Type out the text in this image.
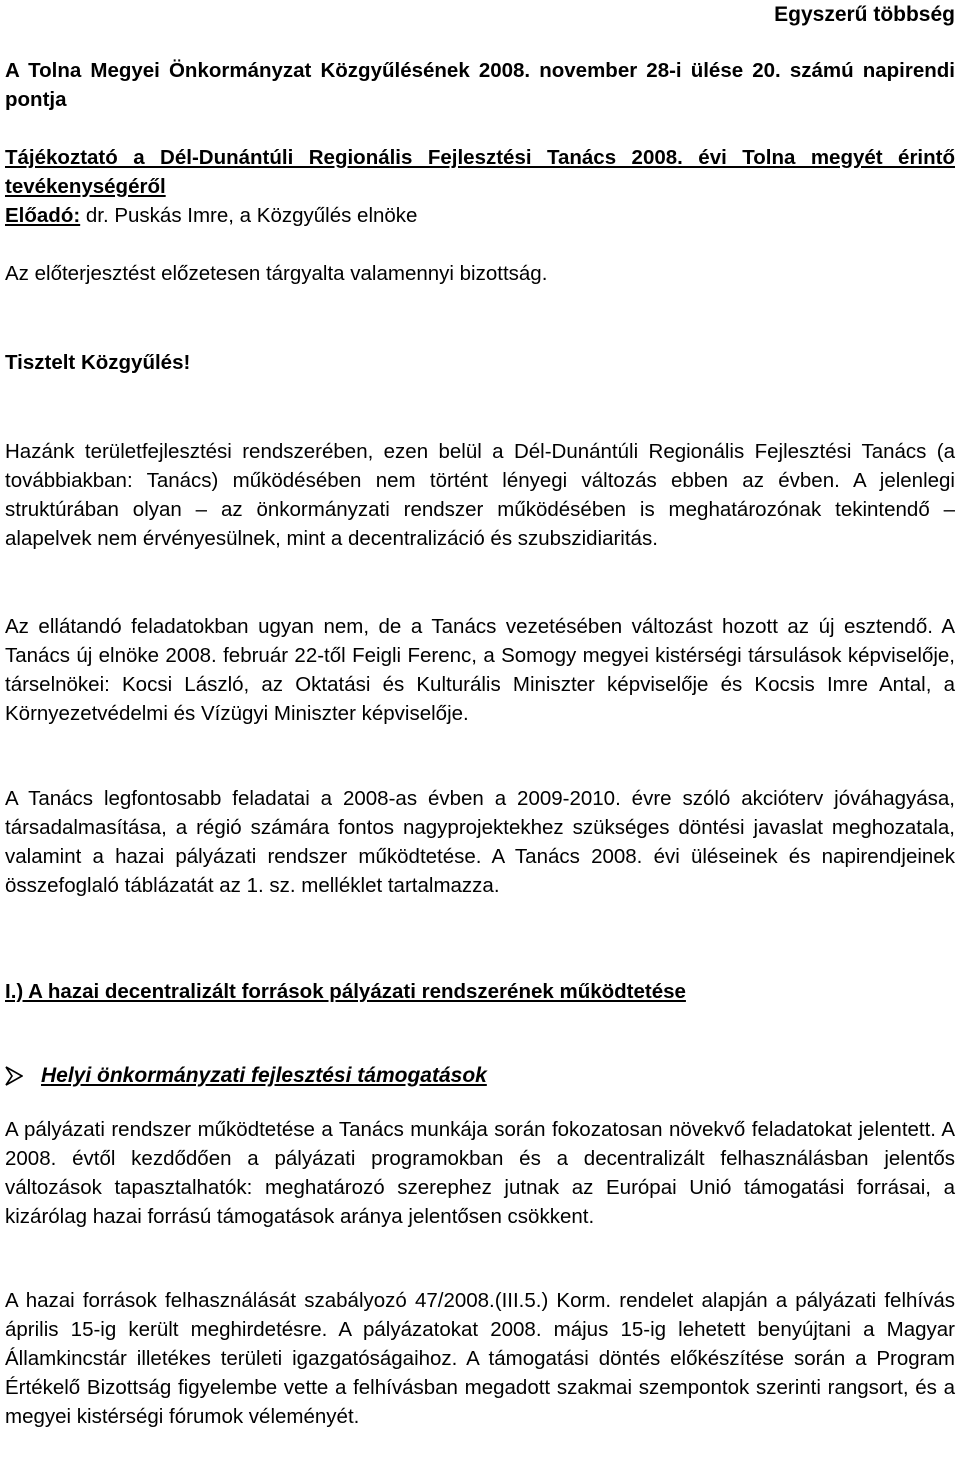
Egyszerű többség

A Tolna Megyei Önkormányzat Közgyűlésének 2008. november 28-i ülése 20. számú napirendi pontja

Tájékoztató a Dél-Dunántúli Regionális Fejlesztési Tanács 2008. évi Tolna megyét érintő tevékenységéről

Előadó: dr. Puskás Imre, a Közgyűlés elnöke

Az előterjesztést előzetesen tárgyalta valamennyi bizottság.

Tisztelt Közgyűlés!

Hazánk területfejlesztési rendszerében, ezen belül a Dél-Dunántúli Regionális Fejlesztési Tanács (a továbbiakban: Tanács) működésében nem történt lényegi változás ebben az évben. A jelenlegi struktúrában olyan – az önkormányzati rendszer működésében is meghatározónak tekintendő – alapelvek nem érvényesülnek, mint a decentralizáció és szubszidiaritás.

Az ellátandó feladatokban ugyan nem, de a Tanács vezetésében változást hozott az új esztendő. A Tanács új elnöke 2008. február 22-től Feigli Ferenc, a Somogy megyei kistérségi társulások képviselője, társelnökei: Kocsi László, az Oktatási és Kulturális Miniszter képviselője és Kocsis Imre Antal, a Környezetvédelmi és Vízügyi Miniszter képviselője.

A Tanács legfontosabb feladatai a 2008-as évben a 2009-2010. évre szóló akcióterv jóváhagyása, társadalmasítása, a régió számára fontos nagyprojektekhez szükséges döntési javaslat meghozatala, valamint a hazai pályázati rendszer működtetése. A Tanács 2008. évi üléseinek és napirendjeinek összefoglaló táblázatát az 1. sz. melléklet tartalmazza.

I.) A hazai decentralizált források pályázati rendszerének működtetése

Helyi önkormányzati fejlesztési támogatások

A pályázati rendszer működtetése a Tanács munkája során fokozatosan növekvő feladatokat jelentett. A 2008. évtől kezdődően a pályázati programokban és a decentralizált felhasználásban jelentős változások tapasztalhatók: meghatározó szerephez jutnak az Európai Unió támogatási forrásai, a kizárólag hazai forrású támogatások aránya jelentősen csökkent.

A hazai források felhasználását szabályozó 47/2008.(III.5.) Korm. rendelet alapján a pályázati felhívás április 15-ig került meghirdetésre. A pályázatokat 2008. május 15-ig lehetett benyújtani a Magyar Államkincstár illetékes területi igazgatóságaihoz. A támogatási döntés előkészítése során a Program Értékelő Bizottság figyelembe vette a felhívásban megadott szakmai szempontok szerinti rangsort, és a megyei kistérségi fórumok véleményét.
